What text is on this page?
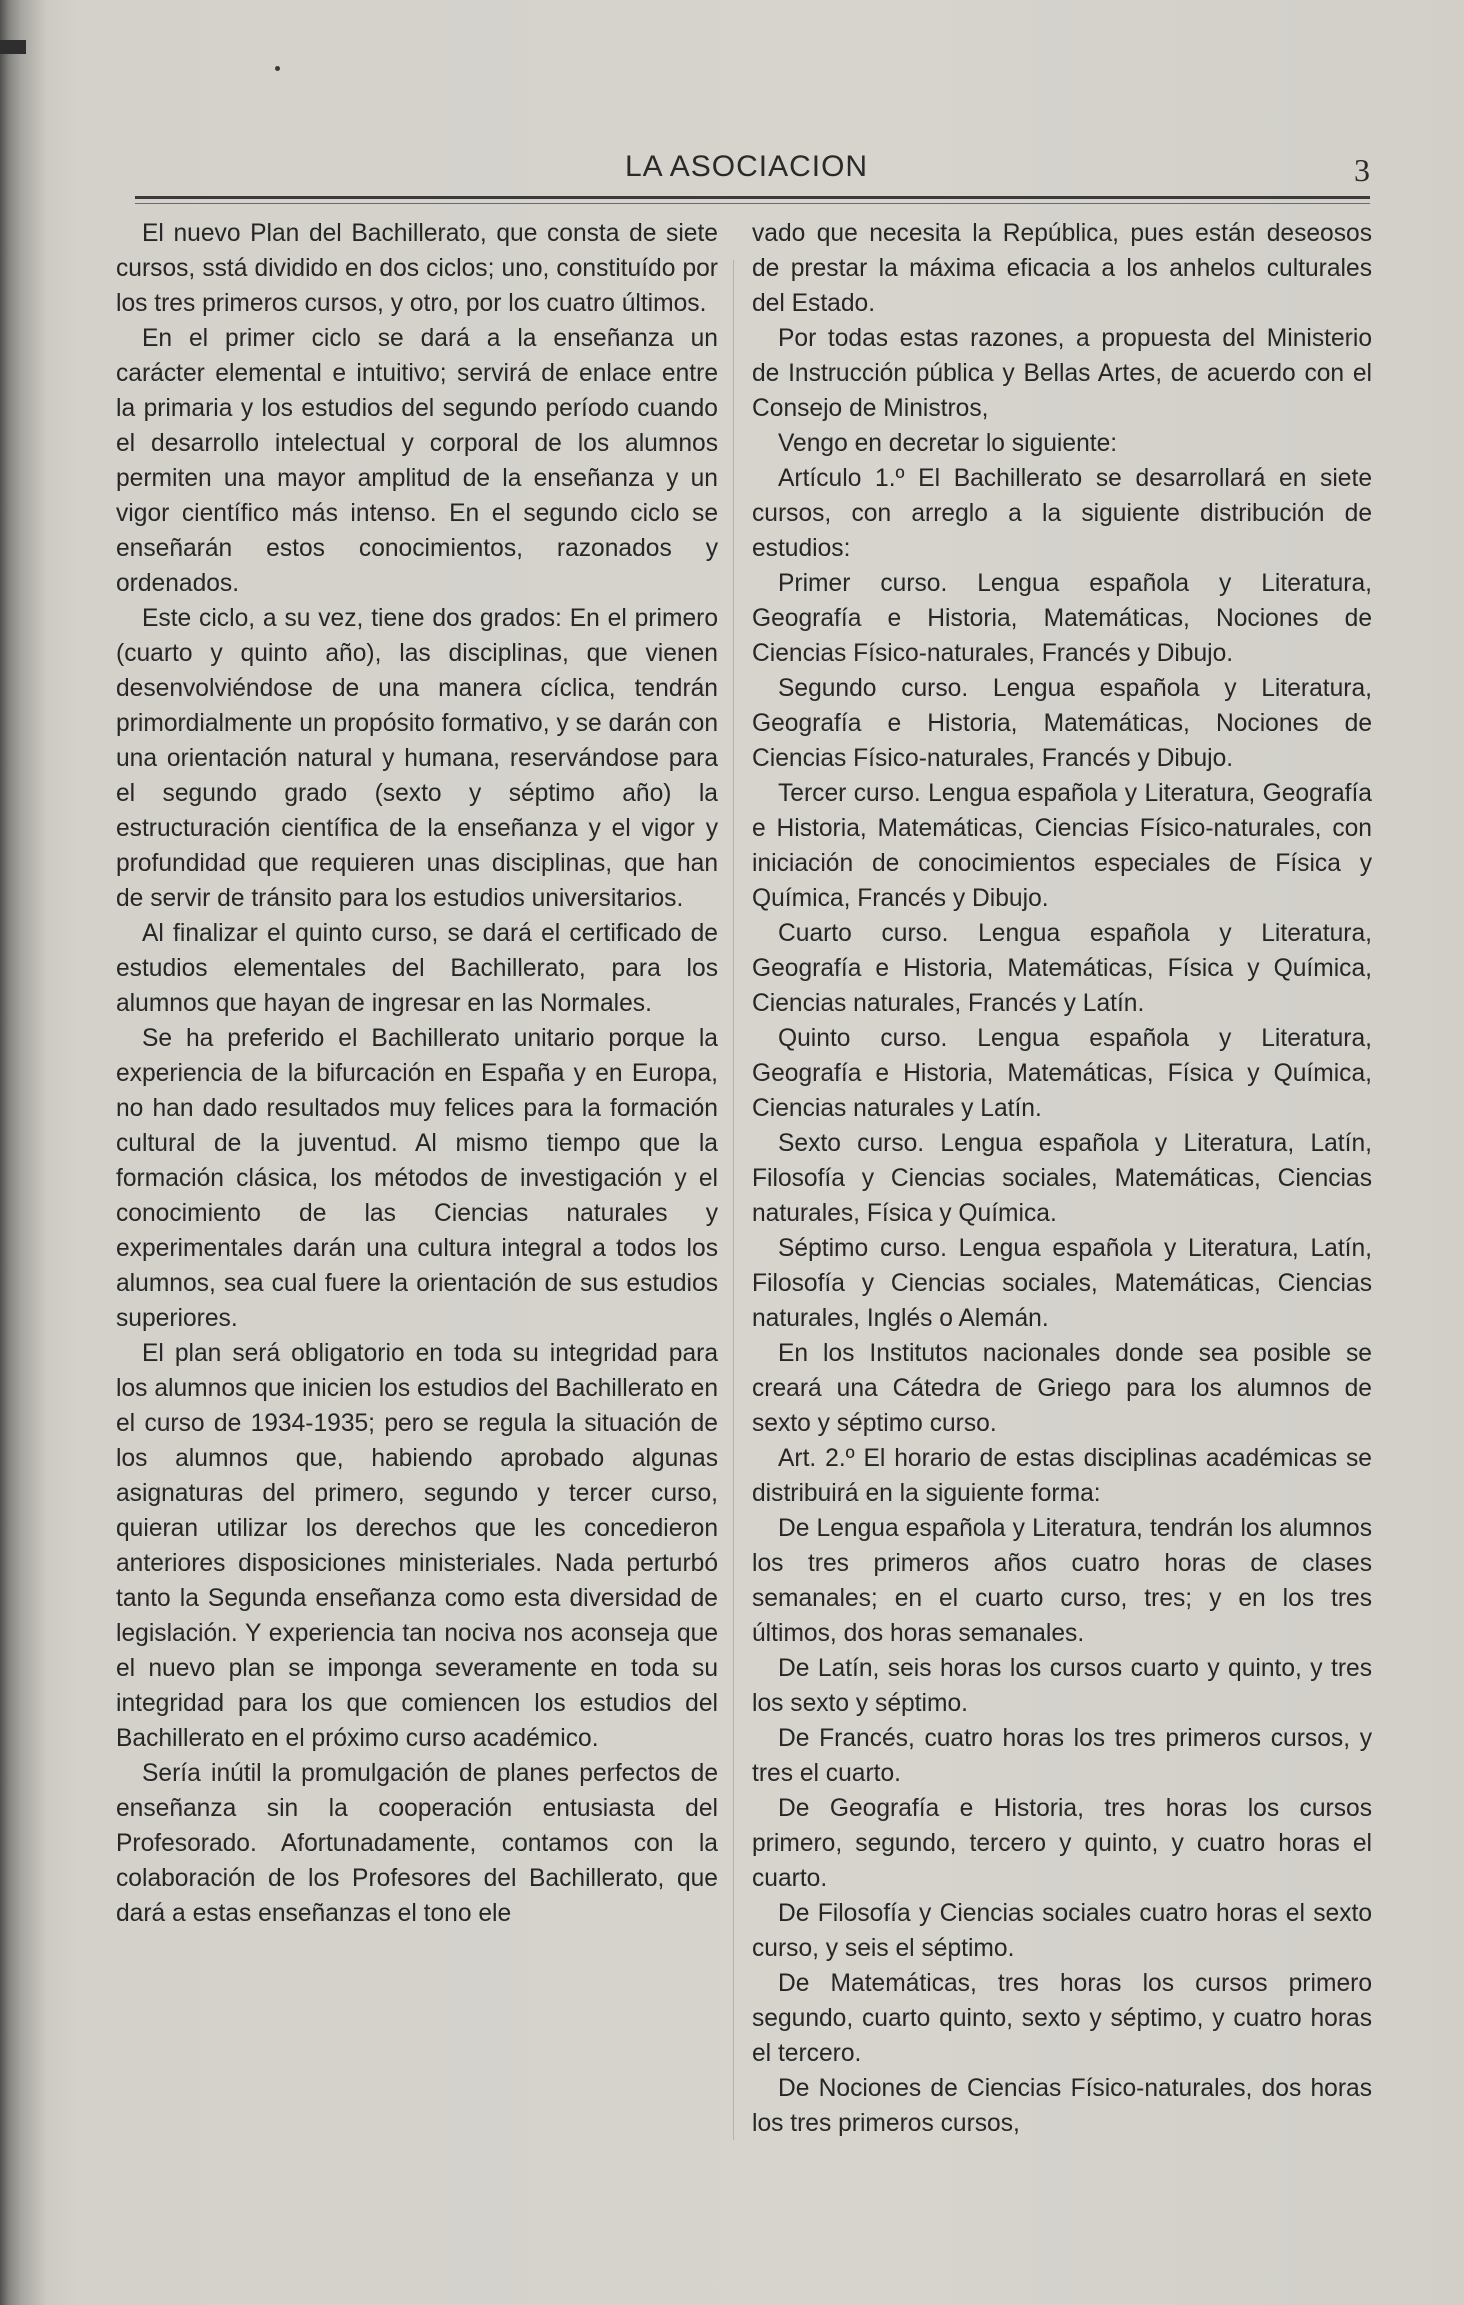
LA ASOCIACION	3

El nuevo Plan del Bachillerato, que consta de siete cursos, sstá dividido en dos ciclos; uno, constituído por los tres primeros cursos, y otro, por los cuatro últimos.

En el primer ciclo se dará a la enseñanza un carácter elemental e intuitivo; servirá de enlace entre la primaria y los estudios del segundo período cuando el desarrollo intelectual y corporal de los alumnos permiten una mayor amplitud de la enseñanza y un vigor científico más intenso. En el segundo ciclo se enseñarán estos conocimientos, razonados y ordenados.

Este ciclo, a su vez, tiene dos grados: En el primero (cuarto y quinto año), las disciplinas, que vienen desenvolviéndose de una manera cíclica, tendrán primordialmente un propósito formativo, y se darán con una orientación natural y humana, reservándose para el segundo grado (sexto y séptimo año) la estructuración científica de la enseñanza y el vigor y profundidad que requieren unas disciplinas, que han de servir de tránsito para los estudios universitarios.

Al finalizar el quinto curso, se dará el certificado de estudios elementales del Bachillerato, para los alumnos que hayan de ingresar en las Normales.

Se ha preferido el Bachillerato unitario porque la experiencia de la bifurcación en España y en Europa, no han dado resultados muy felices para la formación cultural de la juventud. Al mismo tiempo que la formación clásica, los métodos de investigación y el conocimiento de las Ciencias naturales y experimentales darán una cultura integral a todos los alumnos, sea cual fuere la orientación de sus estudios superiores.

El plan será obligatorio en toda su integridad para los alumnos que inicien los estudios del Bachillerato en el curso de 1934-1935; pero se regula la situación de los alumnos que, habiendo aprobado algunas asignaturas del primero, segundo y tercer curso, quieran utilizar los derechos que les concedieron anteriores disposiciones ministeriales. Nada perturbó tanto la Segunda enseñanza como esta diversidad de legislación. Y experiencia tan nociva nos aconseja que el nuevo plan se imponga severamente en toda su integridad para los que comiencen los estudios del Bachillerato en el próximo curso académico.

Sería inútil la promulgación de planes perfectos de enseñanza sin la cooperación entusiasta del Profesorado. Afortunadamente, contamos con la colaboración de los Profesores del Bachillerato, que dará a estas enseñanzas el tono ele

vado que necesita la República, pues están deseosos de prestar la máxima eficacia a los anhelos culturales del Estado.

Por todas estas razones, a propuesta del Ministerio de Instrucción pública y Bellas Artes, de acuerdo con el Consejo de Ministros,

Vengo en decretar lo siguiente:

Artículo 1.º El Bachillerato se desarrollará en siete cursos, con arreglo a la siguiente distribución de estudios:

Primer curso. Lengua española y Literatura, Geografía e Historia, Matemáticas, Nociones de Ciencias Físico-naturales, Francés y Dibujo.

Segundo curso. Lengua española y Literatura, Geografía e Historia, Matemáticas, Nociones de Ciencias Físico-naturales, Francés y Dibujo.

Tercer curso. Lengua española y Literatura, Geografía e Historia, Matemáticas, Ciencias Físico-naturales, con iniciación de conocimientos especiales de Física y Química, Francés y Dibujo.

Cuarto curso. Lengua española y Literatura, Geografía e Historia, Matemáticas, Física y Química, Ciencias naturales, Francés y Latín.

Quinto curso. Lengua española y Literatura, Geografía e Historia, Matemáticas, Física y Química, Ciencias naturales y Latín.

Sexto curso. Lengua española y Literatura, Latín, Filosofía y Ciencias sociales, Matemáticas, Ciencias naturales, Física y Química.

Séptimo curso. Lengua española y Literatura, Latín, Filosofía y Ciencias sociales, Matemáticas, Ciencias naturales, Inglés o Alemán.

En los Institutos nacionales donde sea posible se creará una Cátedra de Griego para los alumnos de sexto y séptimo curso.

Art. 2.º El horario de estas disciplinas académicas se distribuirá en la siguiente forma:

De Lengua española y Literatura, tendrán los alumnos los tres primeros años cuatro horas de clases semanales; en el cuarto curso, tres; y en los tres últimos, dos horas semanales.

De Latín, seis horas los cursos cuarto y quinto, y tres los sexto y séptimo.

De Francés, cuatro horas los tres primeros cursos, y tres el cuarto.

De Geografía e Historia, tres horas los cursos primero, segundo, tercero y quinto, y cuatro horas el cuarto.

De Filosofía y Ciencias sociales cuatro horas el sexto curso, y seis el séptimo.

De Matemáticas, tres horas los cursos primero segundo, cuarto quinto, sexto y séptimo, y cuatro horas el tercero.

De Nociones de Ciencias Físico-naturales, dos horas los tres primeros cursos,
